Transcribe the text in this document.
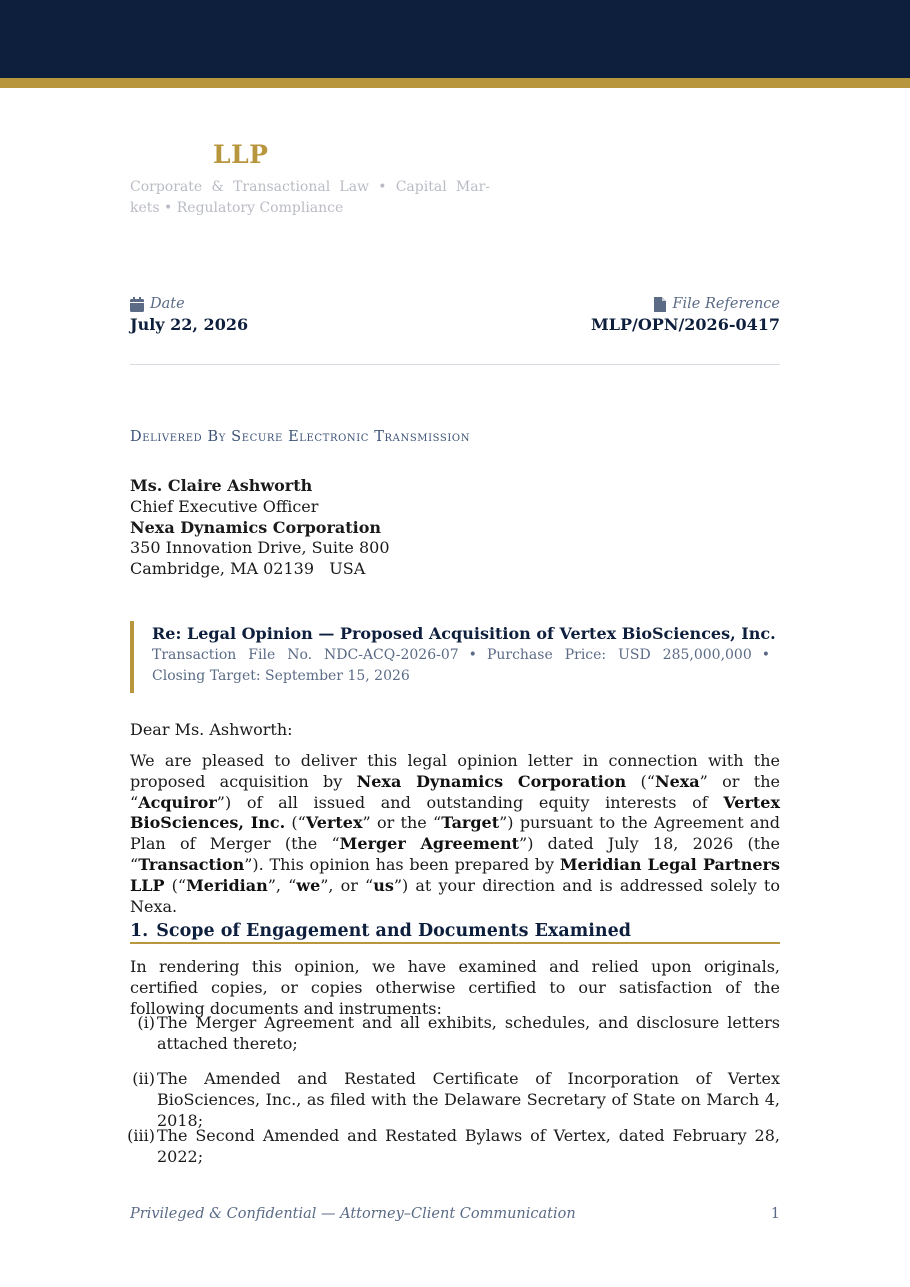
LLP
Corporate & Transactional Law • Capital Mar- kets • Regulatory Compliance
Date
July 22, 2026
File Reference
MLP/OPN/2026-0417
Delivered By Secure Electronic Transmission
Ms. Claire Ashworth
Chief Executive Officer
Nexa Dynamics Corporation
350 Innovation Drive, Suite 800
Cambridge, MA 02139 USA
Re: Legal Opinion — Proposed Acquisition of Vertex BioSciences, Inc.
Transaction File No. NDC-ACQ-2026-07 • Purchase Price: USD 285,000,000 •Closing Target: September 15, 2026
Dear Ms. Ashworth:
We are pleased to deliver this legal opinion letter in connection with the proposed acquisition by Nexa Dynamics Corporation (“Nexa” or the “Acquiror”) of all issued and outstanding equity interests of Vertex BioSciences, Inc. (“Vertex” or the “Target”) pursuant to the Agreement and Plan of Merger (the “Merger Agreement”) dated July 18, 2026 (the “Transaction”). This opinion has been prepared by Meridian Legal Partners LLP (“Meridian”, “we”, or “us”) at your direction and is addressed solely to Nexa.
1. Scope of Engagement and Documents Examined
In rendering this opinion, we have examined and relied upon originals, certified copies, or copies otherwise certified to our satisfaction of the following documents and instruments:
(i) The Merger Agreement and all exhibits, schedules, and disclosure letters attached thereto;
(ii) The Amended and Restated Certificate of Incorporation of Vertex BioSciences, Inc., as filed with the Delaware Secretary of State on March 4, 2018;
(iii) The Second Amended and Restated Bylaws of Vertex, dated February 28, 2022;
Privileged & Confidential — Attorney–Client Communication	1
